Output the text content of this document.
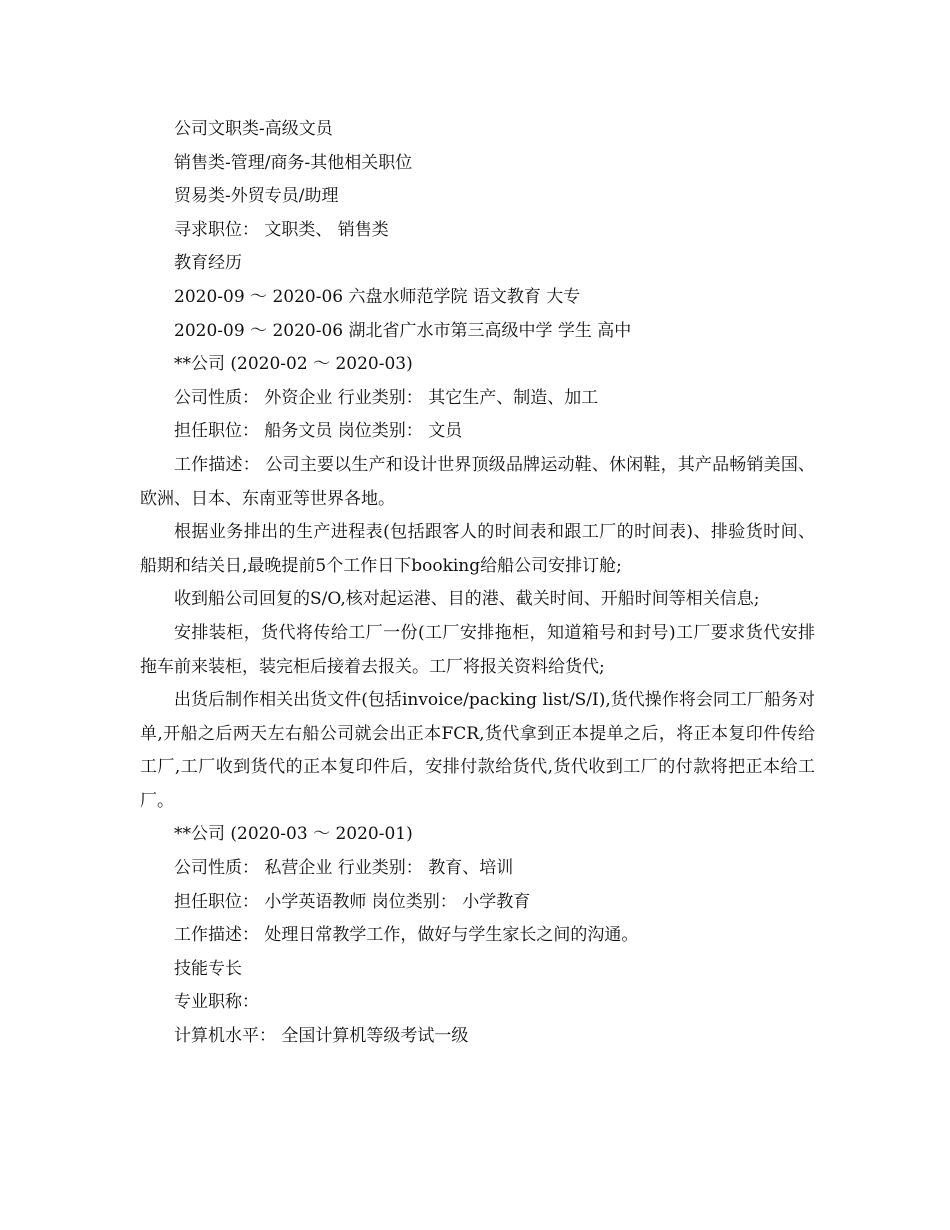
公司文职类-高级文员

销售类-管理/商务-其他相关职位

贸易类-外贸专员/助理

寻求职位： 文职类、 销售类

教育经历

2020-09 ～ 2020-06 六盘水师范学院 语文教育 大专

2020-09 ～ 2020-06 湖北省广水市第三高级中学 学生 高中

**公司 (2020-02 ～ 2020-03)

公司性质： 外资企业 行业类别： 其它生产、制造、加工

担任职位： 船务文员 岗位类别： 文员

工作描述： 公司主要以生产和设计世界顶级品牌运动鞋、休闲鞋，其产品畅销美国、欧洲、日本、东南亚等世界各地。

根据业务排出的生产进程表(包括跟客人的时间表和跟工厂的时间表)、排验货时间、船期和结关日,最晚提前5个工作日下booking给船公司安排订舱;

收到船公司回复的S/O,核对起运港、目的港、截关时间、开船时间等相关信息;

安排装柜，货代将传给工厂一份(工厂安排拖柜，知道箱号和封号)工厂要求货代安排拖车前来装柜，装完柜后接着去报关。工厂将报关资料给货代;

出货后制作相关出货文件(包括invoice/packing list/S/I),货代操作将会同工厂船务对单,开船之后两天左右船公司就会出正本FCR,货代拿到正本提单之后，将正本复印件传给工厂,工厂收到货代的正本复印件后，安排付款给货代,货代收到工厂的付款将把正本给工厂。

**公司 (2020-03 ～ 2020-01)

公司性质： 私营企业 行业类别： 教育、培训

担任职位： 小学英语教师 岗位类别： 小学教育

工作描述： 处理日常教学工作，做好与学生家长之间的沟通。

技能专长

专业职称：

计算机水平： 全国计算机等级考试一级
